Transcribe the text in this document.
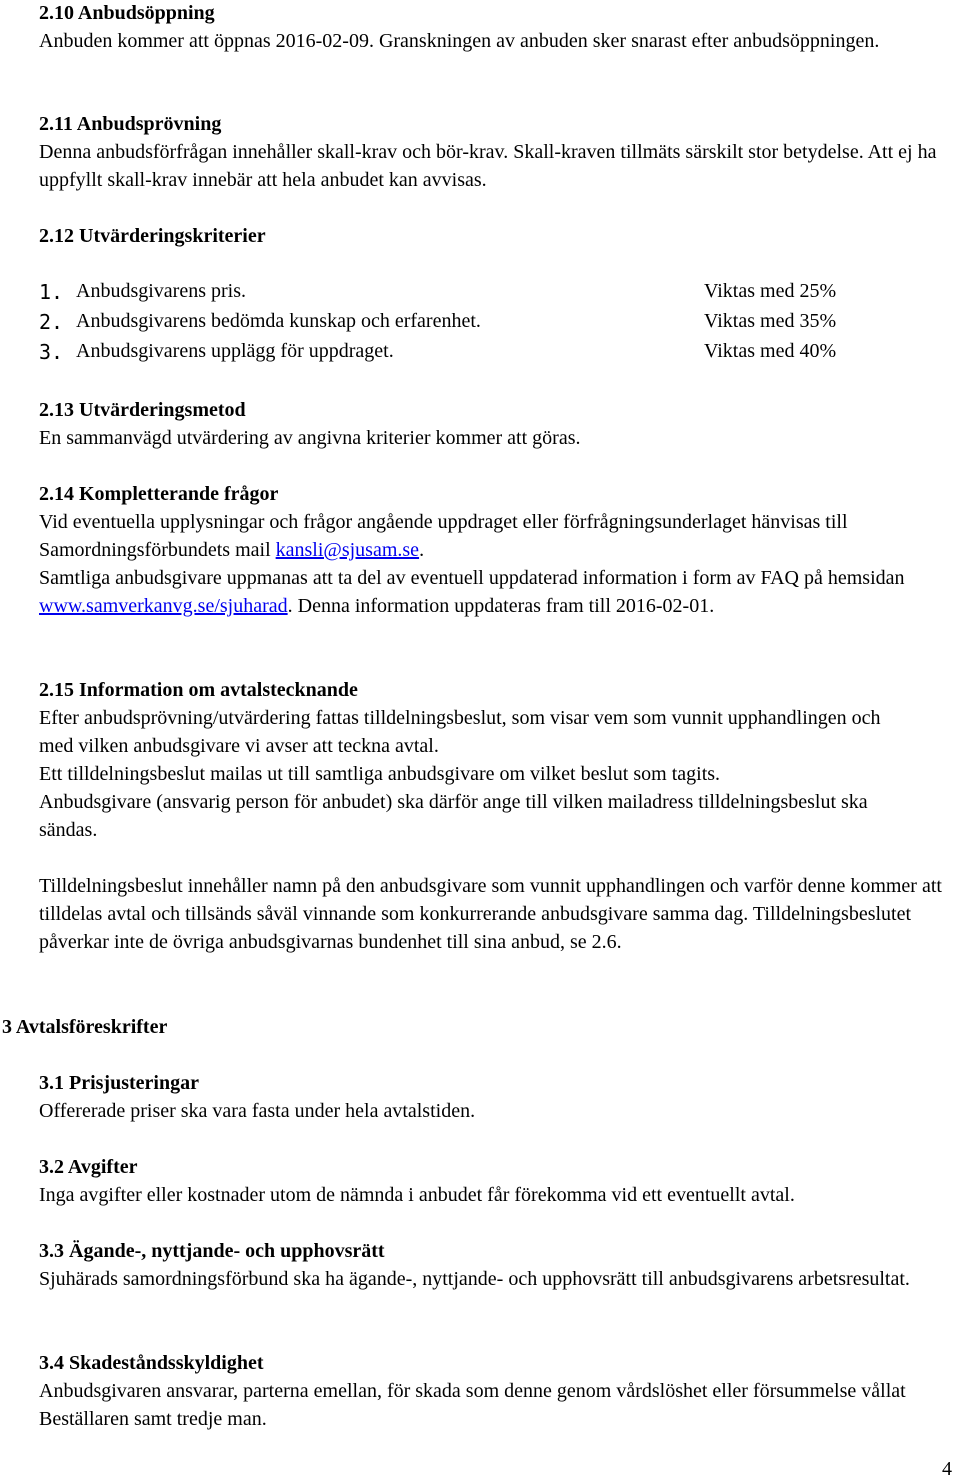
2.10 Anbudsöppning
Anbuden kommer att öppnas 2016-02-09. Granskningen av anbuden sker snarast efter anbudsöppningen.
2.11 Anbudsprövning
Denna anbudsförfrågan innehåller skall-krav och bör-krav. Skall-kraven tillmäts särskilt stor betydelse. Att ej ha uppfyllt skall-krav innebär att hela anbudet kan avvisas.
2.12 Utvärderingskriterier
1. Anbudsgivarens pris.	Viktas med 25%
2. Anbudsgivarens bedömda kunskap och erfarenhet.	Viktas med 35%
3. Anbudsgivarens upplägg för uppdraget.	Viktas med 40%
2.13 Utvärderingsmetod
En sammanvägd utvärdering av angivna kriterier kommer att göras.
2.14 Kompletterande frågor
Vid eventuella upplysningar och frågor angående uppdraget eller förfrågningsunderlaget hänvisas till Samordningsförbundets mail kansli@sjusam.se.
Samtliga anbudsgivare uppmanas att ta del av eventuell uppdaterad information i form av FAQ på hemsidan www.samverkanvg.se/sjuharad. Denna information uppdateras fram till 2016-02-01.
2.15 Information om avtalstecknande
Efter anbudsprövning/utvärdering fattas tilldelningsbeslut, som visar vem som vunnit upphandlingen och med vilken anbudsgivare vi avser att teckna avtal.
Ett tilldelningsbeslut mailas ut till samtliga anbudsgivare om vilket beslut som tagits.
Anbudsgivare (ansvarig person för anbudet) ska därför ange till vilken mailadress tilldelningsbeslut ska sändas.
Tilldelningsbeslut innehåller namn på den anbudsgivare som vunnit upphandlingen och varför denne kommer att tilldelas avtal och tillsänds såväl vinnande som konkurrerande anbudsgivare samma dag. Tilldelningsbeslutet påverkar inte de övriga anbudsgivarnas bundenhet till sina anbud, se 2.6.
3 Avtalsföreskrifter
3.1 Prisjusteringar
Offererade priser ska vara fasta under hela avtalstiden.
3.2 Avgifter
Inga avgifter eller kostnader utom de nämnda i anbudet får förekomma vid ett eventuellt avtal.
3.3 Ägande-, nyttjande- och upphovsrätt
Sjuhärads samordningsförbund ska ha ägande-, nyttjande- och upphovsrätt till anbudsgivarens arbetsresultat.
3.4 Skadeståndsskyldighet
Anbudsgivaren ansvarar, parterna emellan, för skada som denne genom vårdslöshet eller försummelse vållat Beställaren samt tredje man.
4
